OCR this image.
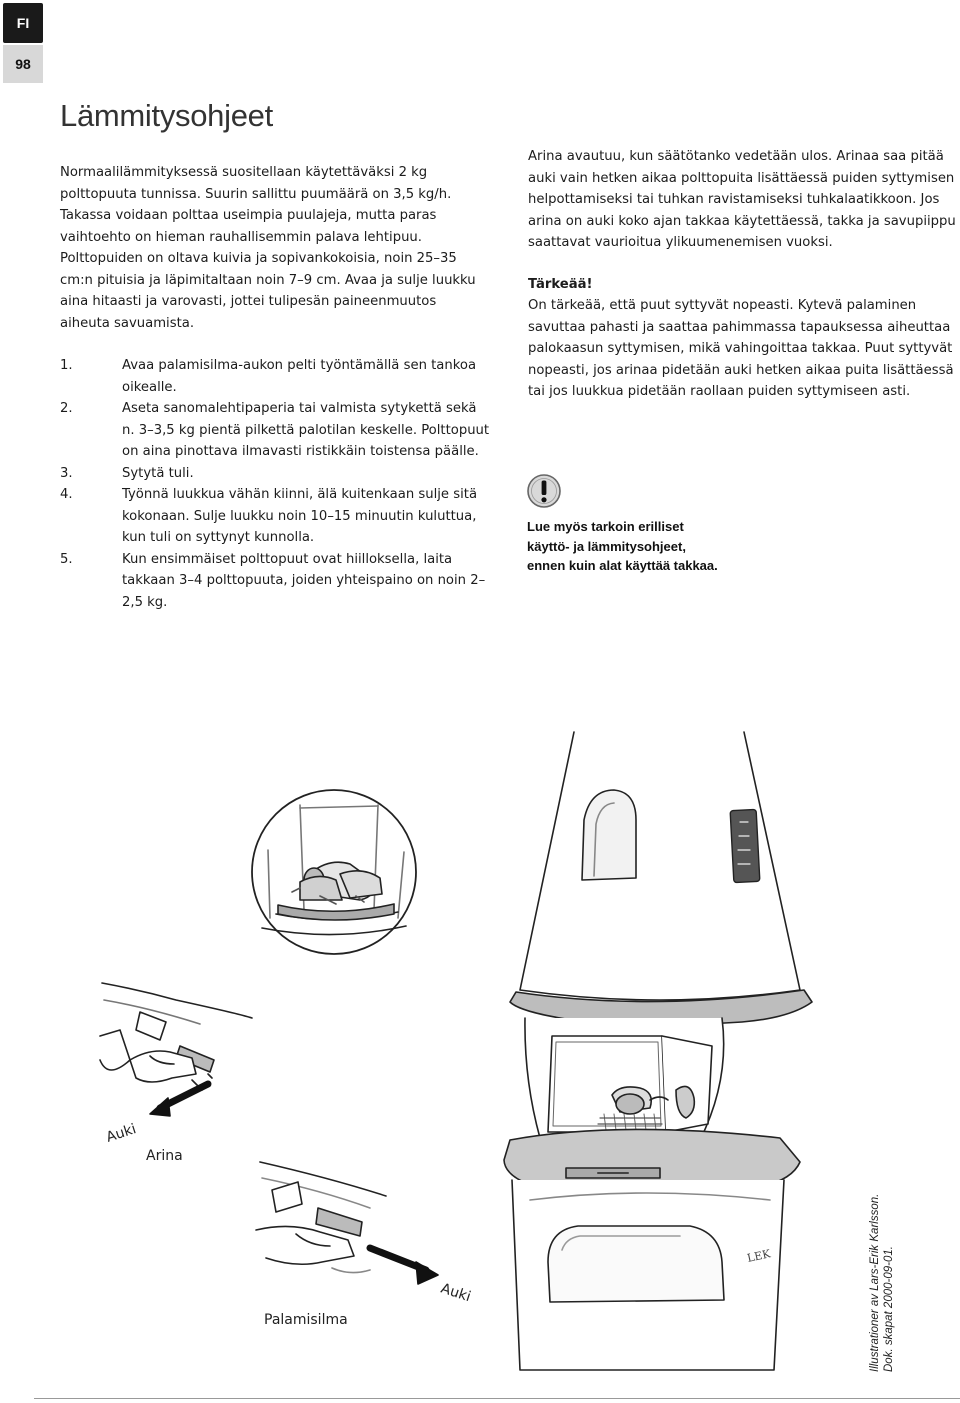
FI
98
Lämmitysohjeet

Normaalilämmityksessä suositellaan käytettäväksi 2 kg polttopuuta tunnissa. Suurin sallittu puumäärä on 3,5 kg/h. Takassa voidaan polttaa useimpia puulajeja, mutta paras vaihtoehto on hieman rauhallisemmin palava lehtipuu. Polttopuiden on oltava kuivia ja sopivankokoisia, noin 25–35 cm:n pituisia ja läpimitaltaan noin 7–9 cm. Avaa ja sulje luukku aina hitaasti ja varovasti, jottei tulipesän paineenmuutos aiheuta savuamista.

1.	Avaa palamisilma-aukon pelti työntämällä sen tankoa oikealle.
2.	Aseta sanomalehtipaperia tai valmista sytykettä sekä n. 3–3,5 kg pientä pilkettä palotilan keskelle. Polttopuut on aina pinottava ilmavasti ristikkäin toistensa päälle.
3.	Sytytä tuli.
4.	Työnnä luukkua vähän kiinni, älä kuitenkaan sulje sitä kokonaan. Sulje luukku noin 10–15 minuutin kuluttua, kun tuli on syttynyt kunnolla.
5.	Kun ensimmäiset polttopuut ovat hiilloksella, laita takkaan 3–4 polttopuuta, joiden yhteispaino on noin 2–2,5 kg.

Arina avautuu, kun säätötanko vedetään ulos. Arinaa saa pitää auki vain hetken aikaa polttopuita lisättäessä puiden syttymisen helpottamiseksi tai tuhkan ravistamiseksi tuhkalaatikkoon. Jos arina on auki koko ajan takkaa käytettäessä, takka ja savupiippu saattavat vaurioitua ylikuumenemisen vuoksi.

Tärkeää!

On tärkeää, että puut syttyvät nopeasti. Kytevä palaminen savuttaa pahasti ja saattaa pahimmassa tapauksessa aiheuttaa palokaasun syttymisen, mikä vahingoittaa takkaa. Puut syttyvät nopeasti, jos arinaa pidetään auki hetken aikaa puita lisättäessä tai jos luukkua pidetään raollaan puiden syttymiseen asti.

Lue myös tarkoin erilliset
käyttö- ja lämmitysohjeet,
ennen kuin alat käyttää takkaa.
LEK
Auki
Arina
Auki
Palamisilma	Illustrationer av Lars-Erik Karlsson. Dok. skapat 2000-09-01.
